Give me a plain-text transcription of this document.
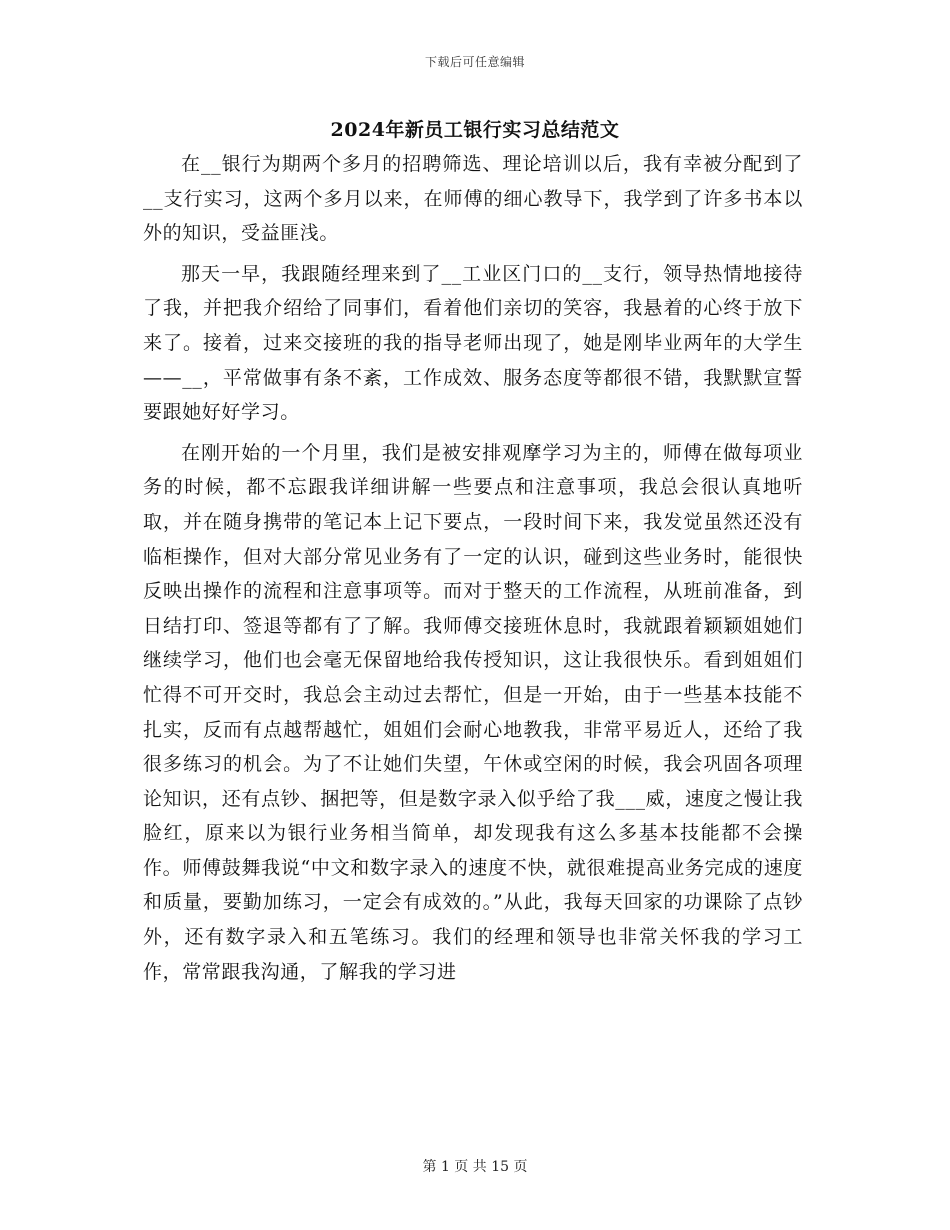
下载后可任意编辑
2024年新员工银行实习总结范文

在__银行为期两个多月的招聘筛选、理论培训以后，我有幸被分配到了__支行实习，这两个多月以来，在师傅的细心教导下，我学到了许多书本以外的知识，受益匪浅。

那天一早，我跟随经理来到了__工业区门口的__支行，领导热情地接待了我，并把我介绍给了同事们，看着他们亲切的笑容，我悬着的心终于放下来了。接着，过来交接班的我的指导老师出现了，她是刚毕业两年的大学生——__，平常做事有条不紊，工作成效、服务态度等都很不错，我默默宣誓要跟她好好学习。

在刚开始的一个月里，我们是被安排观摩学习为主的，师傅在做每项业务的时候，都不忘跟我详细讲解一些要点和注意事项，我总会很认真地听取，并在随身携带的笔记本上记下要点，一段时间下来，我发觉虽然还没有临柜操作，但对大部分常见业务有了一定的认识，碰到这些业务时，能很快反映出操作的流程和注意事项等。而对于整天的工作流程，从班前准备，到日结打印、签退等都有了了解。我师傅交接班休息时，我就跟着颖颖姐她们继续学习，他们也会毫无保留地给我传授知识，这让我很快乐。看到姐姐们忙得不可开交时，我总会主动过去帮忙，但是一开始，由于一些基本技能不扎实，反而有点越帮越忙，姐姐们会耐心地教我，非常平易近人，还给了我很多练习的机会。为了不让她们失望，午休或空闲的时候，我会巩固各项理论知识，还有点钞、捆把等，但是数字录入似乎给了我___威，速度之慢让我脸红，原来以为银行业务相当简单，却发现我有这么多基本技能都不会操作。师傅鼓舞我说“中文和数字录入的速度不快，就很难提高业务完成的速度和质量，要勤加练习，一定会有成效的。”从此，我每天回家的功课除了点钞外，还有数字录入和五笔练习。我们的经理和领导也非常关怀我的学习工作，常常跟我沟通，了解我的学习进

第 1 页 共 15 页
